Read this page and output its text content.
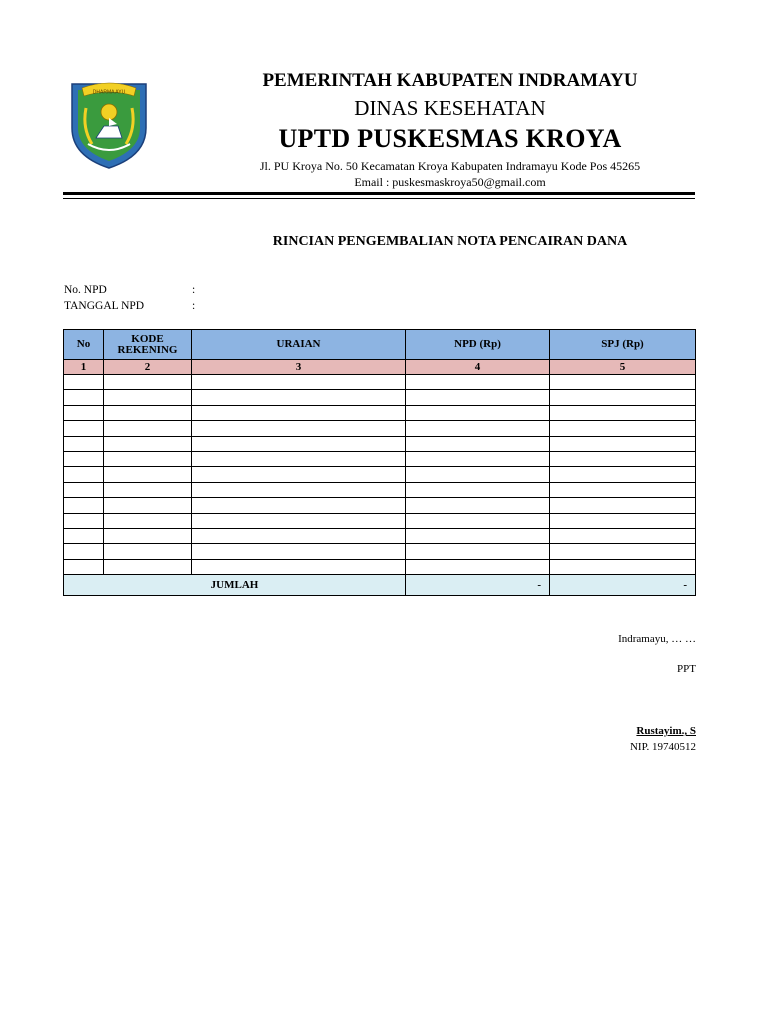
DHARMA AYU
PEMERINTAH KABUPATEN INDRAMAYU
DINAS KESEHATAN
UPTD PUSKESMAS KROYA
Jl. PU Kroya No. 50 Kecamatan Kroya Kabupaten Indramayu Kode Pos 45265
Email : puskesmaskroya50@gmail.com
RINCIAN PENGEMBALIAN NOTA PENCAIRAN DANA
No. NPD	:
TANGGAL NPD	:
No	KODE REKENING	URAIAN	NPD (Rp)	SPJ (Rp)
1	2	3	4	5

JUMLAH			-	-
Indramayu, … …
PPT
Rustayim., S
NIP. 19740512
